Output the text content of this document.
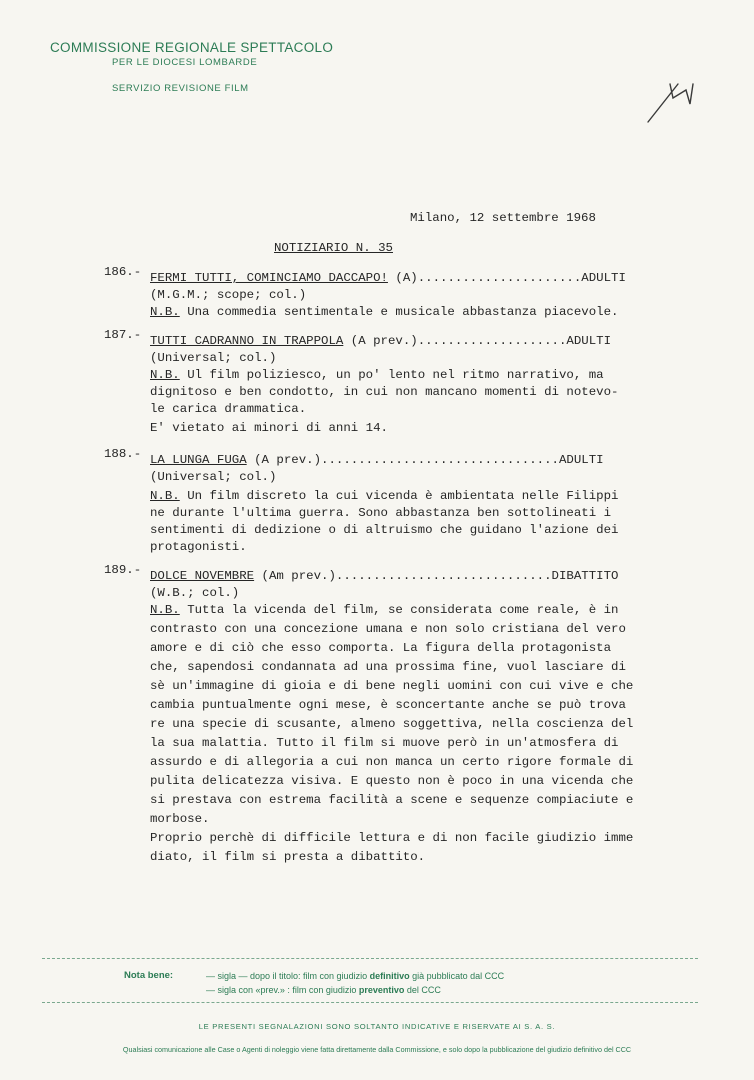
COMMISSIONE REGIONALE SPETTACOLO
PER LE DIOCESI LOMBARDE
SERVIZIO REVISIONE FILM
Milano, 12 settembre 1968
NOTIZIARIO N. 35
186.- FERMI TUTTI, COMINCIAMO DACCAPO! (A)......................ADULTI
(M.G.M.; scope; col.)
N.B. Una commedia sentimentale e musicale abbastanza piacevole.
187.- TUTTI CADRANNO IN TRAPPOLA (A prev.)....................ADULTI
(Universal; col.)
N.B. Ul film poliziesco, un po' lento nel ritmo narrativo, ma
dignitoso e ben condotto, in cui non mancano momenti di notevo-
le carica drammatica.
E' vietato ai minori di anni 14.
188.- LA LUNGA FUGA (A prev.)................................ADULTI
(Universal; col.)
N.B. Un film discreto la cui vicenda è ambientata nelle Filippi
ne durante l'ultima guerra. Sono abbastanza ben sottolineati i
sentimenti di dedizione o di altruismo che guidano l'azione dei
protagonisti.
189.- DOLCE NOVEMBRE (Am prev.).............................DIBATTITO
(W.B.; col.)
N.B. Tutta la vicenda del film, se considerata come reale, è in
contrasto con una concezione umana e non solo cristiana del vero
amore e di ciò che esso comporta. La figura della protagonista
che, sapendosi condannata ad una prossima fine, vuol lasciare di
sè un'immagine di gioia e di bene negli uomini con cui vive e che
cambia puntualmente ogni mese, è sconcertante anche se può trova
re una specie di scusante, almeno soggettiva, nella coscienza del
la sua malattia. Tutto il film si muove però in un'atmosfera di
assurdo e di allegoria a cui non manca un certo rigore formale di
pulita delicatezza visiva. E questo non è poco in una vicenda che
si prestava con estrema facilità a scene e sequenze compiaciute e
morbose.
Proprio perchè di difficile lettura e di non facile giudizio imme
diato, il film si presta a dibattito.
Nota bene:	— sigla — dopo il titolo: film con giudizio definitivo già pubblicato dal CCC
— sigla con «prev.» : film con giudizio preventivo del CCC
LE PRESENTI SEGNALAZIONI SONO SOLTANTO INDICATIVE E RISERVATE AI S. A. S.
Qualsiasi comunicazione alle Case o Agenti di noleggio viene fatta direttamente dalla Commissione, e solo dopo la pubblicazione del giudizio definitivo del CCC
